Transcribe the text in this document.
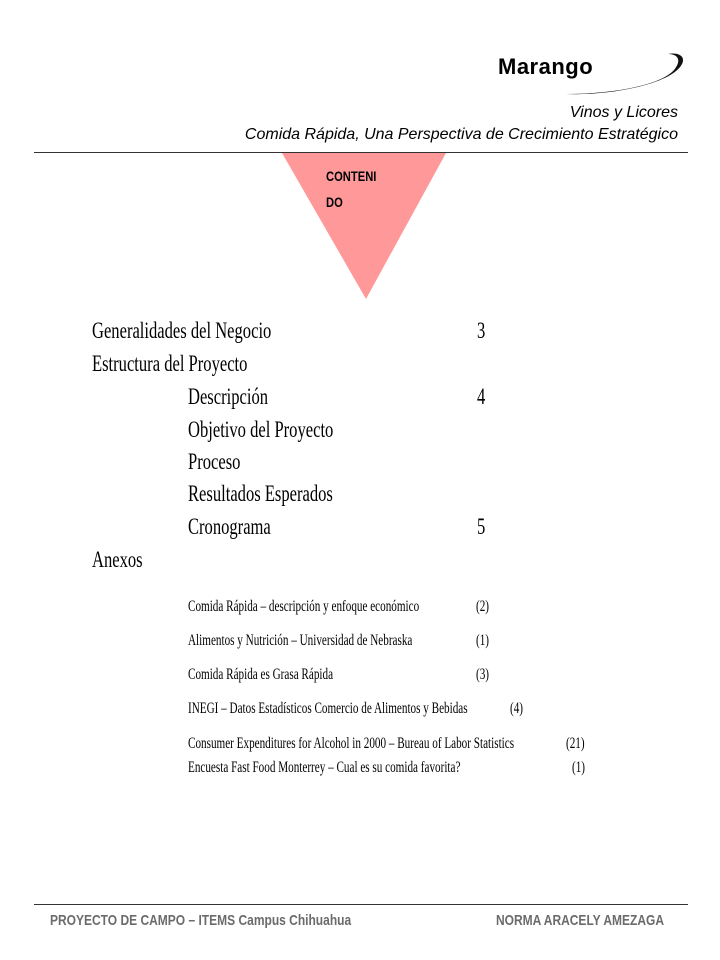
Marango
Vinos y Licores
Comida Rápida, Una Perspectiva de Crecimiento Estratégico
CONTENIDO
Generalidades del Negocio	3
Estructura del Proyecto
Descripción	4
Objetivo del Proyecto
Proceso
Resultados Esperados
Cronograma	5
Anexos
Comida Rápida – descripción y enfoque económico	(2)
Alimentos y Nutrición – Universidad de Nebraska	(1)
Comida Rápida es Grasa Rápida	(3)
INEGI – Datos Estadísticos Comercio de Alimentos y Bebidas	(4)
Consumer Expenditures for Alcohol in 2000 – Bureau of Labor Statistics	(21)
Encuesta Fast Food Monterrey – Cual es su comida favorita?	(1)
PROYECTO DE CAMPO – ITEMS Campus Chihuahua	NORMA ARACELY AMEZAGA
